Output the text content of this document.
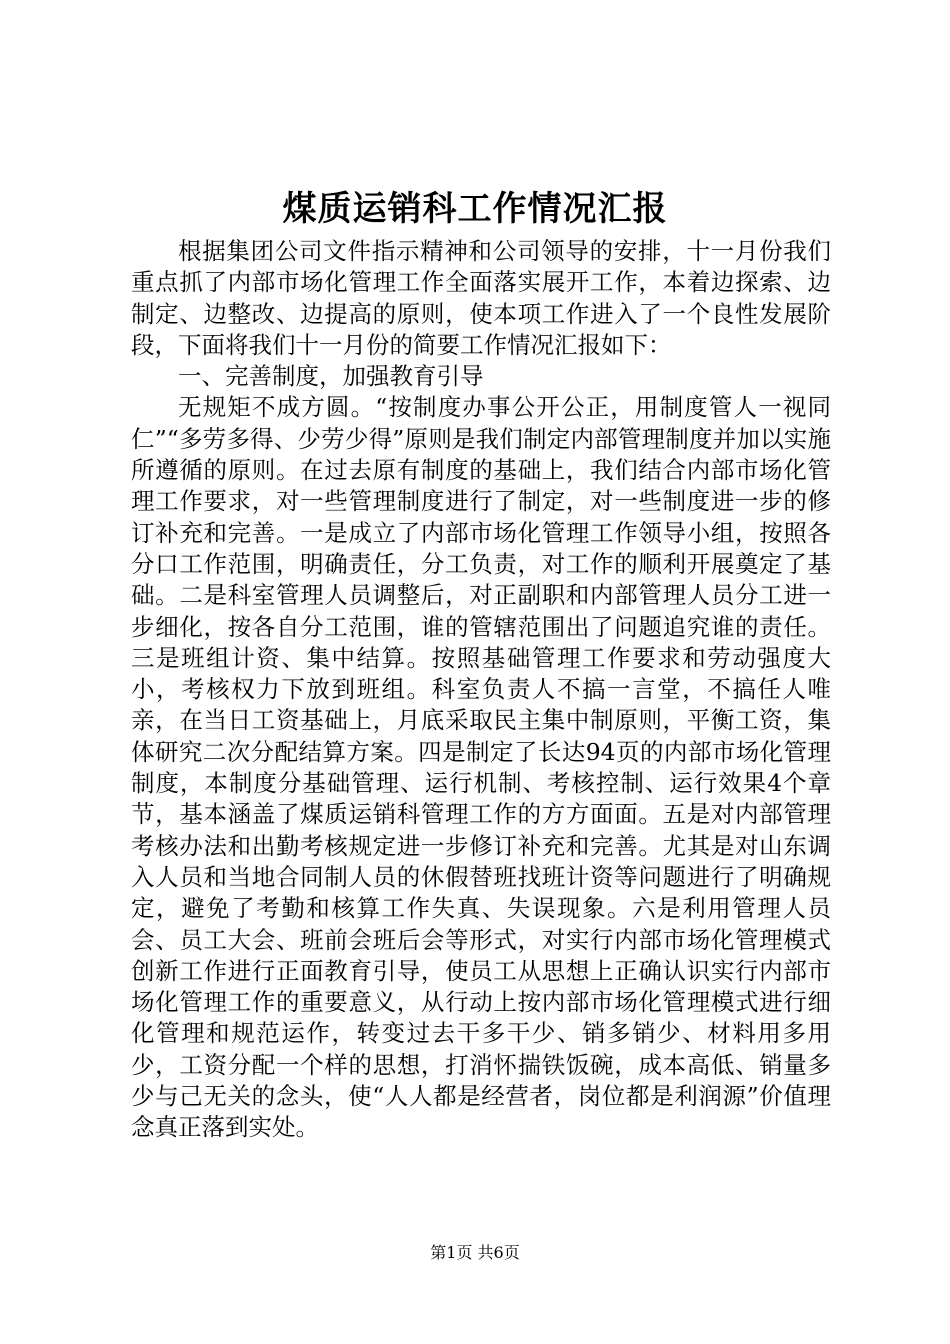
煤质运销科工作情况汇报

根据集团公司文件指示精神和公司领导的安排，十一月份我们重点抓了内部市场化管理工作全面落实展开工作，本着边探索、边制定、边整改、边提高的原则，使本项工作进入了一个良性发展阶段，下面将我们十一月份的简要工作情况汇报如下：

一、完善制度，加强教育引导

无规矩不成方圆。“按制度办事公开公正，用制度管人一视同仁”“多劳多得、少劳少得”原则是我们制定内部管理制度并加以实施所遵循的原则。在过去原有制度的基础上，我们结合内部市场化管理工作要求，对一些管理制度进行了制定，对一些制度进一步的修订补充和完善。一是成立了内部市场化管理工作领导小组，按照各分口工作范围，明确责任，分工负责，对工作的顺利开展奠定了基础。二是科室管理人员调整后，对正副职和内部管理人员分工进一步细化，按各自分工范围，谁的管辖范围出了问题追究谁的责任。三是班组计资、集中结算。按照基础管理工作要求和劳动强度大小，考核权力下放到班组。科室负责人不搞一言堂，不搞任人唯亲，在当日工资基础上，月底采取民主集中制原则，平衡工资，集体研究二次分配结算方案。四是制定了长达94页的内部市场化管理制度，本制度分基础管理、运行机制、考核控制、运行效果4个章节，基本涵盖了煤质运销科管理工作的方方面面。五是对内部管理考核办法和出勤考核规定进一步修订补充和完善。尤其是对山东调入人员和当地合同制人员的休假替班找班计资等问题进行了明确规定，避免了考勤和核算工作失真、失误现象。六是利用管理人员会、员工大会、班前会班后会等形式，对实行内部市场化管理模式创新工作进行正面教育引导，使员工从思想上正确认识实行内部市场化管理工作的重要意义，从行动上按内部市场化管理模式进行细化管理和规范运作，转变过去干多干少、销多销少、材料用多用少，工资分配一个样的思想，打消怀揣铁饭碗，成本高低、销量多少与己无关的念头，使“人人都是经营者，岗位都是利润源”价值理念真正落到实处。

第1页 共6页
